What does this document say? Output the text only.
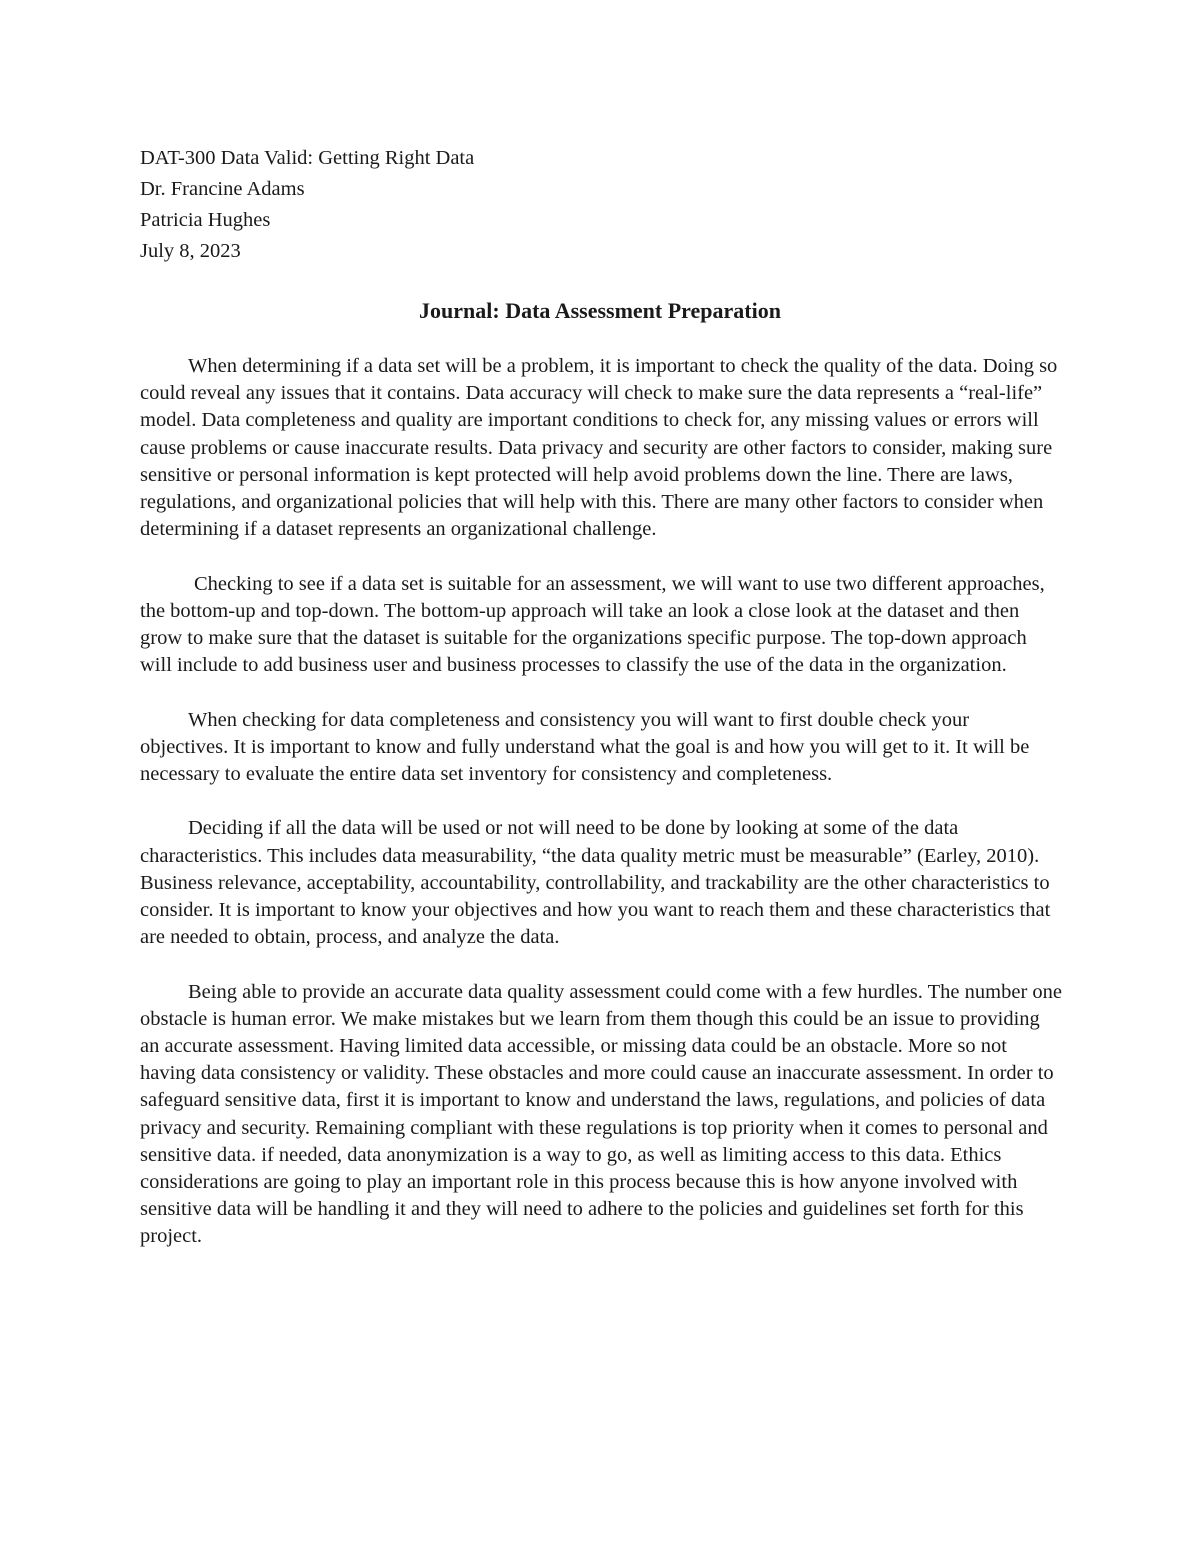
DAT-300 Data Valid: Getting Right Data
Dr. Francine Adams
Patricia Hughes
July 8, 2023
Journal: Data Assessment Preparation

When determining if a data set will be a problem, it is important to check the quality of the data. Doing so could reveal any issues that it contains. Data accuracy will check to make sure the data represents a “real-life” model. Data completeness and quality are important conditions to check for, any missing values or errors will cause problems or cause inaccurate results. Data privacy and security are other factors to consider, making sure sensitive or personal information is kept protected will help avoid problems down the line. There are laws, regulations, and organizational policies that will help with this. There are many other factors to consider when determining if a dataset represents an organizational challenge.

Checking to see if a data set is suitable for an assessment, we will want to use two different approaches, the bottom-up and top-down. The bottom-up approach will take an look a close look at the dataset and then grow to make sure that the dataset is suitable for the organizations specific purpose. The top-down approach will include to add business user and business processes to classify the use of the data in the organization.

When checking for data completeness and consistency you will want to first double check your objectives. It is important to know and fully understand what the goal is and how you will get to it. It will be necessary to evaluate the entire data set inventory for consistency and completeness.

Deciding if all the data will be used or not will need to be done by looking at some of the data characteristics. This includes data measurability, “the data quality metric must be measurable” (Earley, 2010). Business relevance, acceptability, accountability, controllability, and trackability are the other characteristics to consider. It is important to know your objectives and how you want to reach them and these characteristics that are needed to obtain, process, and analyze the data.

Being able to provide an accurate data quality assessment could come with a few hurdles. The number one obstacle is human error. We make mistakes but we learn from them though this could be an issue to providing an accurate assessment. Having limited data accessible, or missing data could be an obstacle. More so not having data consistency or validity. These obstacles and more could cause an inaccurate assessment. In order to safeguard sensitive data, first it is important to know and understand the laws, regulations, and policies of data privacy and security. Remaining compliant with these regulations is top priority when it comes to personal and sensitive data. if needed, data anonymization is a way to go, as well as limiting access to this data. Ethics considerations are going to play an important role in this process because this is how anyone involved with sensitive data will be handling it and they will need to adhere to the policies and guidelines set forth for this project.
